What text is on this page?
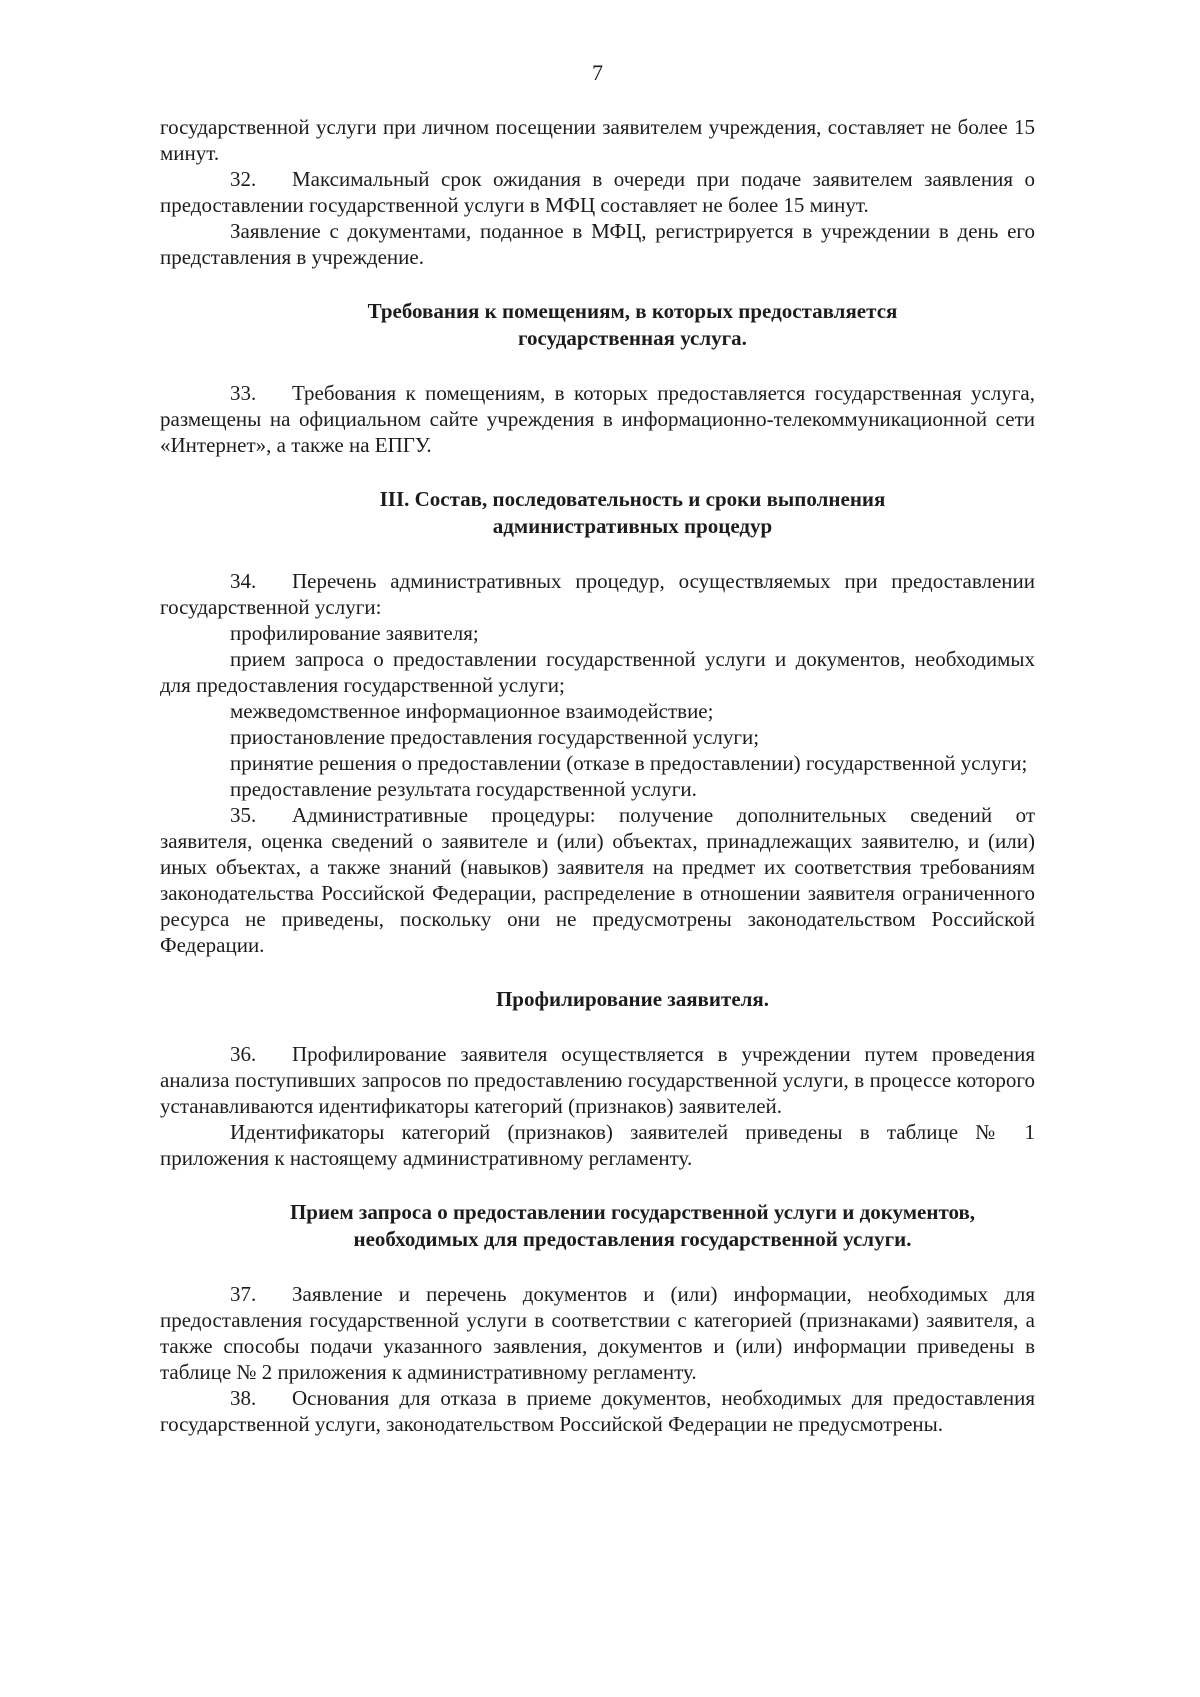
7

государственной услуги при личном посещении заявителем учреждения, составляет не более 15 минут.

32. Максимальный срок ожидания в очереди при подаче заявителем заявления о предоставлении государственной услуги в МФЦ составляет не более 15 минут.

Заявление с документами, поданное в МФЦ, регистрируется в учреждении в день его представления в учреждение.

Требования к помещениям, в которых предоставляется

государственная услуга.

33. Требования к помещениям, в которых предоставляется государственная услуга, размещены на официальном сайте учреждения в информационно-телекоммуникационной сети «Интернет», а также на ЕПГУ.

III. Состав, последовательность и сроки выполнения

административных процедур

34. Перечень административных процедур, осуществляемых при предоставлении государственной услуги:

профилирование заявителя;

прием запроса о предоставлении государственной услуги и документов, необходимых для предоставления государственной услуги;

межведомственное информационное взаимодействие;

приостановление предоставления государственной услуги;

принятие решения о предоставлении (отказе в предоставлении) государственной услуги;

предоставление результата государственной услуги.

35. Административные процедуры: получение дополнительных сведений от заявителя, оценка сведений о заявителе и (или) объектах, принадлежащих заявителю, и (или) иных объектах, а также знаний (навыков) заявителя на предмет их соответствия требованиям законодательства Российской Федерации, распределение в отношении заявителя ограниченного ресурса не приведены, поскольку они не предусмотрены законодательством Российской Федерации.

Профилирование заявителя.

36. Профилирование заявителя осуществляется в учреждении путем проведения анализа поступивших запросов по предоставлению государственной услуги, в процессе которого устанавливаются идентификаторы категорий (признаков) заявителей.

Идентификаторы категорий (признаков) заявителей приведены в таблице № 1 приложения к настоящему административному регламенту.

Прием запроса о предоставлении государственной услуги и документов,

необходимых для предоставления государственной услуги.

37. Заявление и перечень документов и (или) информации, необходимых для предоставления государственной услуги в соответствии с категорией (признаками) заявителя, а также способы подачи указанного заявления, документов и (или) информации приведены в таблице № 2 приложения к административному регламенту.

38. Основания для отказа в приеме документов, необходимых для предоставления государственной услуги, законодательством Российской Федерации не предусмотрены.
